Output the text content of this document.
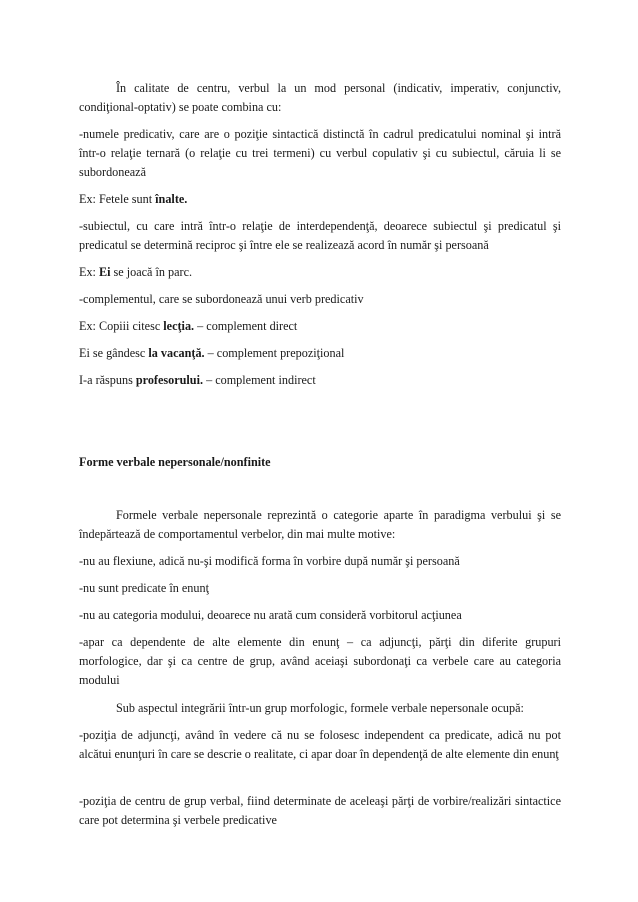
În calitate de centru, verbul la un mod personal (indicativ, imperativ, conjunctiv, condiţional-optativ) se poate combina cu:

-numele predicativ, care are o poziţie sintactică distinctă în cadrul predicatului nominal şi intră într-o relaţie ternară (o relaţie cu trei termeni) cu verbul copulativ şi cu subiectul, căruia li se subordonează

Ex: Fetele sunt înalte.

-subiectul, cu care intră într-o relaţie de interdependenţă, deoarece subiectul şi predicatul şi predicatul se determină reciproc şi între ele se realizează acord în număr şi persoană

Ex: Ei se joacă în parc.

-complementul, care se subordonează unui verb predicativ

Ex: Copiii citesc lecţia. – complement direct

Ei se gândesc la vacanţă. – complement prepoziţional

I-a răspuns profesorului. – complement indirect

Forme verbale nepersonale/nonfinite

Formele verbale nepersonale reprezintă o categorie aparte în paradigma verbului şi se îndepărtează de comportamentul verbelor, din mai multe motive:

-nu au flexiune, adică nu-şi modifică forma în vorbire după număr şi persoană

-nu sunt predicate în enunţ

-nu au categoria modului, deoarece nu arată cum consideră vorbitorul acţiunea

-apar ca dependente de alte elemente din enunţ – ca adjuncţi, părţi din diferite grupuri morfologice, dar şi ca centre de grup, având aceiaşi subordonaţi ca verbele care au categoria modului

Sub aspectul integrării într-un grup morfologic, formele verbale nepersonale ocupă:

-poziţia de adjuncţi, având în vedere că nu se folosesc independent ca predicate, adică nu pot alcătui enunţuri în care se descrie o realitate, ci apar doar în dependenţă de alte elemente din enunţ

-poziţia de centru de grup verbal, fiind determinate de aceleaşi părţi de vorbire/realizări sintactice care pot determina şi verbele predicative
